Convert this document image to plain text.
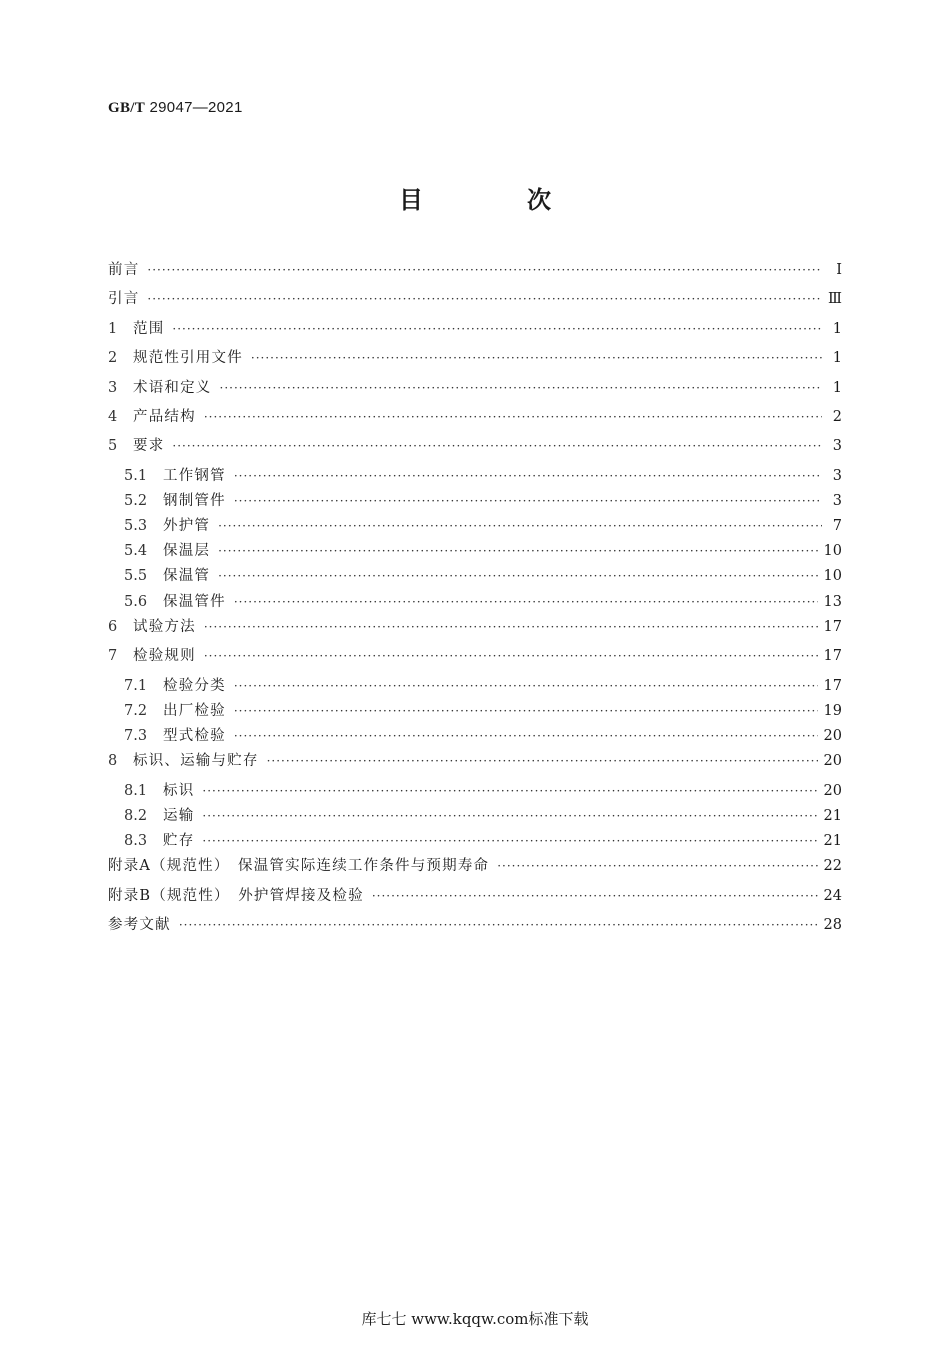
GB/T 29047—2021
目　次
前言 ·····	Ⅰ
引言 ·····	Ⅲ
1	范围 ·····	1
2	规范性引用文件 ·····	1
3	术语和定义 ·····	1
4	产品结构 ·····	2
5	要求 ·····	3
5.1	工作钢管 ·····	3
5.2	钢制管件 ·····	3
5.3	外护管 ·····	7
5.4	保温层 ·····	10
5.5	保温管 ·····	10
5.6	保温管件 ·····	13
6	试验方法 ·····	17
7	检验规则 ·····	17
7.1	检验分类 ·····	17
7.2	出厂检验 ·····	19
7.3	型式检验 ·····	20
8	标识、运输与贮存 ·····	20
8.1	标识 ·····	20
8.2	运输 ·····	21
8.3	贮存 ·····	21
附录A（规范性）　保温管实际连续工作条件与预期寿命 ·····	22
附录B（规范性）　外护管焊接及检验 ·····	24
参考文献 ·····	28
库七七 www.kqqw.com标准下载
